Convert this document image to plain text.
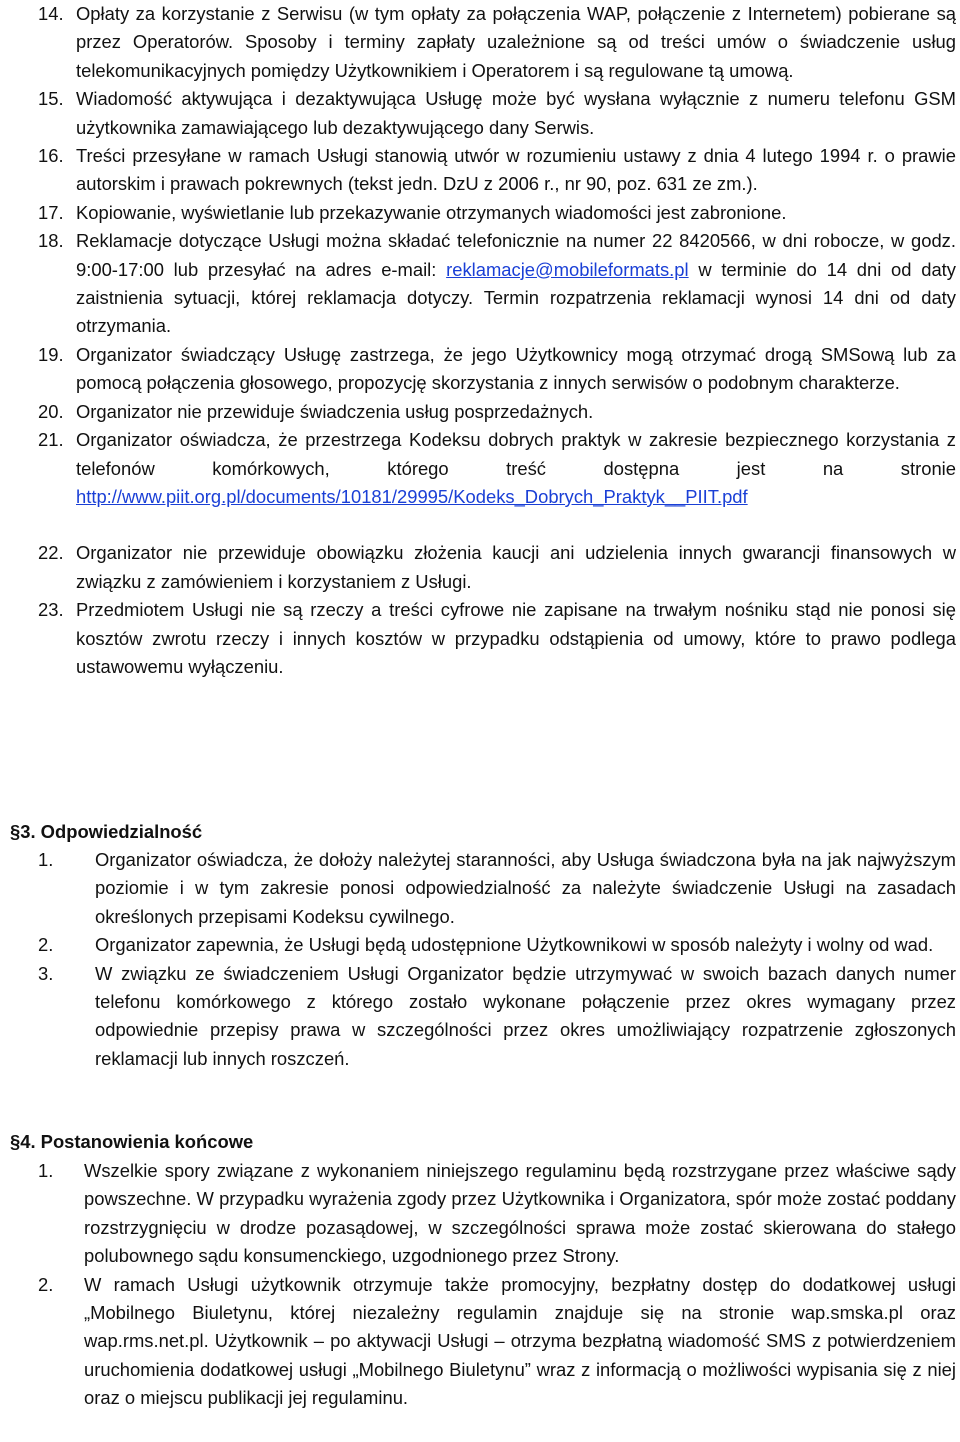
14. Opłaty za korzystanie z Serwisu (w tym opłaty za połączenia WAP, połączenie z Internetem) pobierane są przez Operatorów. Sposoby i terminy zapłaty uzależnione są od treści umów o świadczenie usług telekomunikacyjnych pomiędzy Użytkownikiem i Operatorem i są regulowane tą umową.
15. Wiadomość aktywująca i dezaktywująca Usługę może być wysłana wyłącznie z numeru telefonu GSM użytkownika zamawiającego lub dezaktywującego dany Serwis.
16. Treści przesyłane w ramach Usługi stanowią utwór w rozumieniu ustawy z dnia 4 lutego 1994 r. o prawie autorskim i prawach pokrewnych (tekst jedn. DzU z 2006 r., nr 90, poz. 631 ze zm.).
17. Kopiowanie, wyświetlanie lub przekazywanie otrzymanych wiadomości jest zabronione.
18. Reklamacje dotyczące Usługi można składać telefonicznie na numer 22 8420566, w dni robocze, w godz. 9:00-17:00 lub przesyłać na adres e-mail: reklamacje@mobileformats.pl w terminie do 14 dni od daty zaistnienia sytuacji, której reklamacja dotyczy. Termin rozpatrzenia reklamacji wynosi 14 dni od daty otrzymania.
19. Organizator świadczący Usługę zastrzega, że jego Użytkownicy mogą otrzymać drogą SMSową lub za pomocą połączenia głosowego, propozycję skorzystania z innych serwisów o podobnym charakterze.
20. Organizator nie przewiduje świadczenia usług posprzedażnych.
21. Organizator oświadcza, że przestrzega Kodeksu dobrych praktyk w zakresie bezpiecznego korzystania z telefonów komórkowych, którego treść dostępna jest na stronie http://www.piit.org.pl/documents/10181/29995/Kodeks_Dobrych_Praktyk__PIIT.pdf
22. Organizator nie przewiduje obowiązku złożenia kaucji ani udzielenia innych gwarancji finansowych w związku z zamówieniem i korzystaniem z Usługi.
23. Przedmiotem Usługi nie są rzeczy a treści cyfrowe nie zapisane na trwałym nośniku stąd nie ponosi się kosztów zwrotu rzeczy i innych kosztów w przypadku odstąpienia od umowy, które to prawo podlega ustawowemu wyłączeniu.
§3. Odpowiedzialność
1.	Organizator oświadcza, że dołoży należytej staranności, aby Usługa świadczona była na jak najwyższym poziomie i w tym zakresie ponosi odpowiedzialność za należyte świadczenie Usługi na zasadach określonych przepisami Kodeksu cywilnego.
2.	Organizator zapewnia, że Usługi będą udostępnione Użytkownikowi w sposób należyty i wolny od wad.
3.	W związku ze świadczeniem Usługi Organizator będzie utrzymywać w swoich bazach danych numer telefonu komórkowego z którego zostało wykonane połączenie przez okres wymagany przez odpowiednie przepisy prawa w szczególności przez okres umożliwiający rozpatrzenie zgłoszonych reklamacji lub innych roszczeń.
§4. Postanowienia końcowe
1.	Wszelkie spory związane z wykonaniem niniejszego regulaminu będą rozstrzygane przez właściwe sądy powszechne. W przypadku wyrażenia zgody przez Użytkownika i Organizatora, spór może zostać poddany rozstrzygnięciu w drodze pozasądowej, w szczególności sprawa może zostać skierowana do stałego polubownego sądu konsumenckiego, uzgodnionego przez Strony.
2.	W ramach Usługi użytkownik otrzymuje także promocyjny, bezpłatny dostęp do dodatkowej usługi „Mobilnego Biuletynu, której niezależny regulamin znajduje się na stronie wap.smska.pl oraz wap.rms.net.pl. Użytkownik – po aktywacji Usługi – otrzyma bezpłatną wiadomość SMS z potwierdzeniem uruchomienia dodatkowej usługi „Mobilnego Biuletynu” wraz z informacją o możliwości wypisania się z niej oraz o miejscu publikacji jej regulaminu.
